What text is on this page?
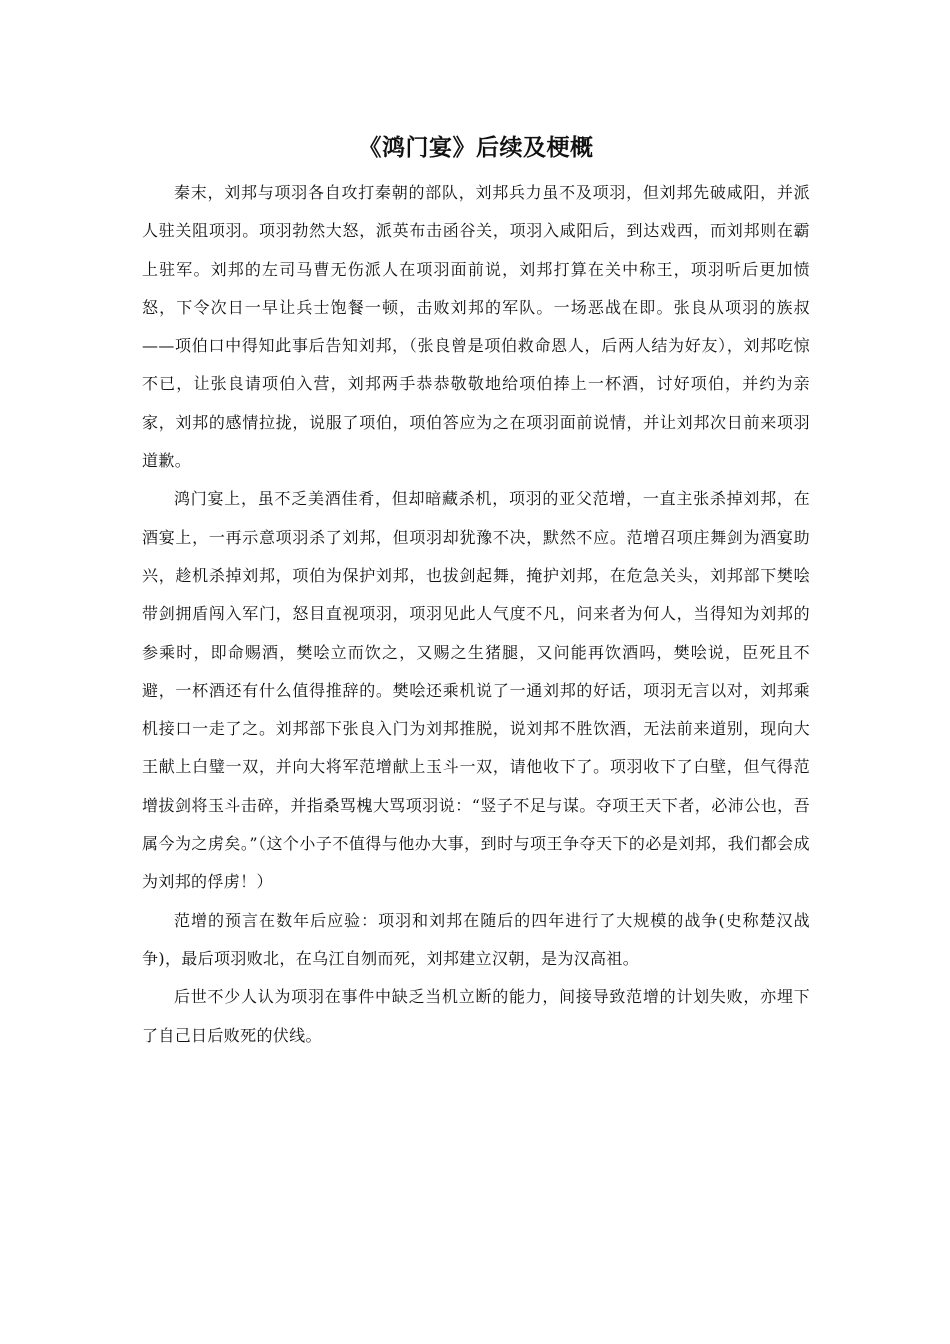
《鸿门宴》后续及梗概

秦末，刘邦与项羽各自攻打秦朝的部队，刘邦兵力虽不及项羽，但刘邦先破咸阳，并派人驻关阻项羽。项羽勃然大怒，派英布击函谷关，项羽入咸阳后，到达戏西，而刘邦则在霸上驻军。刘邦的左司马曹无伤派人在项羽面前说，刘邦打算在关中称王，项羽听后更加愤怒，下令次日一早让兵士饱餐一顿，击败刘邦的军队。一场恶战在即。张良从项羽的族叔——项伯口中得知此事后告知刘邦，（张良曾是项伯救命恩人，后两人结为好友），刘邦吃惊不已，让张良请项伯入营，刘邦两手恭恭敬敬地给项伯捧上一杯酒，讨好项伯，并约为亲家，刘邦的感情拉拢，说服了项伯，项伯答应为之在项羽面前说情，并让刘邦次日前来项羽道歉。

鸿门宴上，虽不乏美酒佳肴，但却暗藏杀机，项羽的亚父范增，一直主张杀掉刘邦，在酒宴上，一再示意项羽杀了刘邦，但项羽却犹豫不决，默然不应。范增召项庄舞剑为酒宴助兴，趁机杀掉刘邦，项伯为保护刘邦，也拔剑起舞，掩护刘邦，在危急关头，刘邦部下樊哙带剑拥盾闯入军门，怒目直视项羽，项羽见此人气度不凡，问来者为何人，当得知为刘邦的参乘时，即命赐酒，樊哙立而饮之，又赐之生猪腿，又问能再饮酒吗，樊哙说，臣死且不避，一杯酒还有什么值得推辞的。樊哙还乘机说了一通刘邦的好话，项羽无言以对，刘邦乘机接口一走了之。刘邦部下张良入门为刘邦推脱，说刘邦不胜饮酒，无法前来道别，现向大王献上白璧一双，并向大将军范增献上玉斗一双，请他收下了。项羽收下了白壁，但气得范增拔剑将玉斗击碎，并指桑骂槐大骂项羽说：“竖子不足与谋。夺项王天下者，必沛公也，吾属今为之虏矣。”（这个小子不值得与他办大事，到时与项王争夺天下的必是刘邦，我们都会成为刘邦的俘虏！）

范增的预言在数年后应验：项羽和刘邦在随后的四年进行了大规模的战争(史称楚汉战争)，最后项羽败北，在乌江自刎而死，刘邦建立汉朝，是为汉高祖。

后世不少人认为项羽在事件中缺乏当机立断的能力，间接导致范增的计划失败，亦埋下了自己日后败死的伏线。
